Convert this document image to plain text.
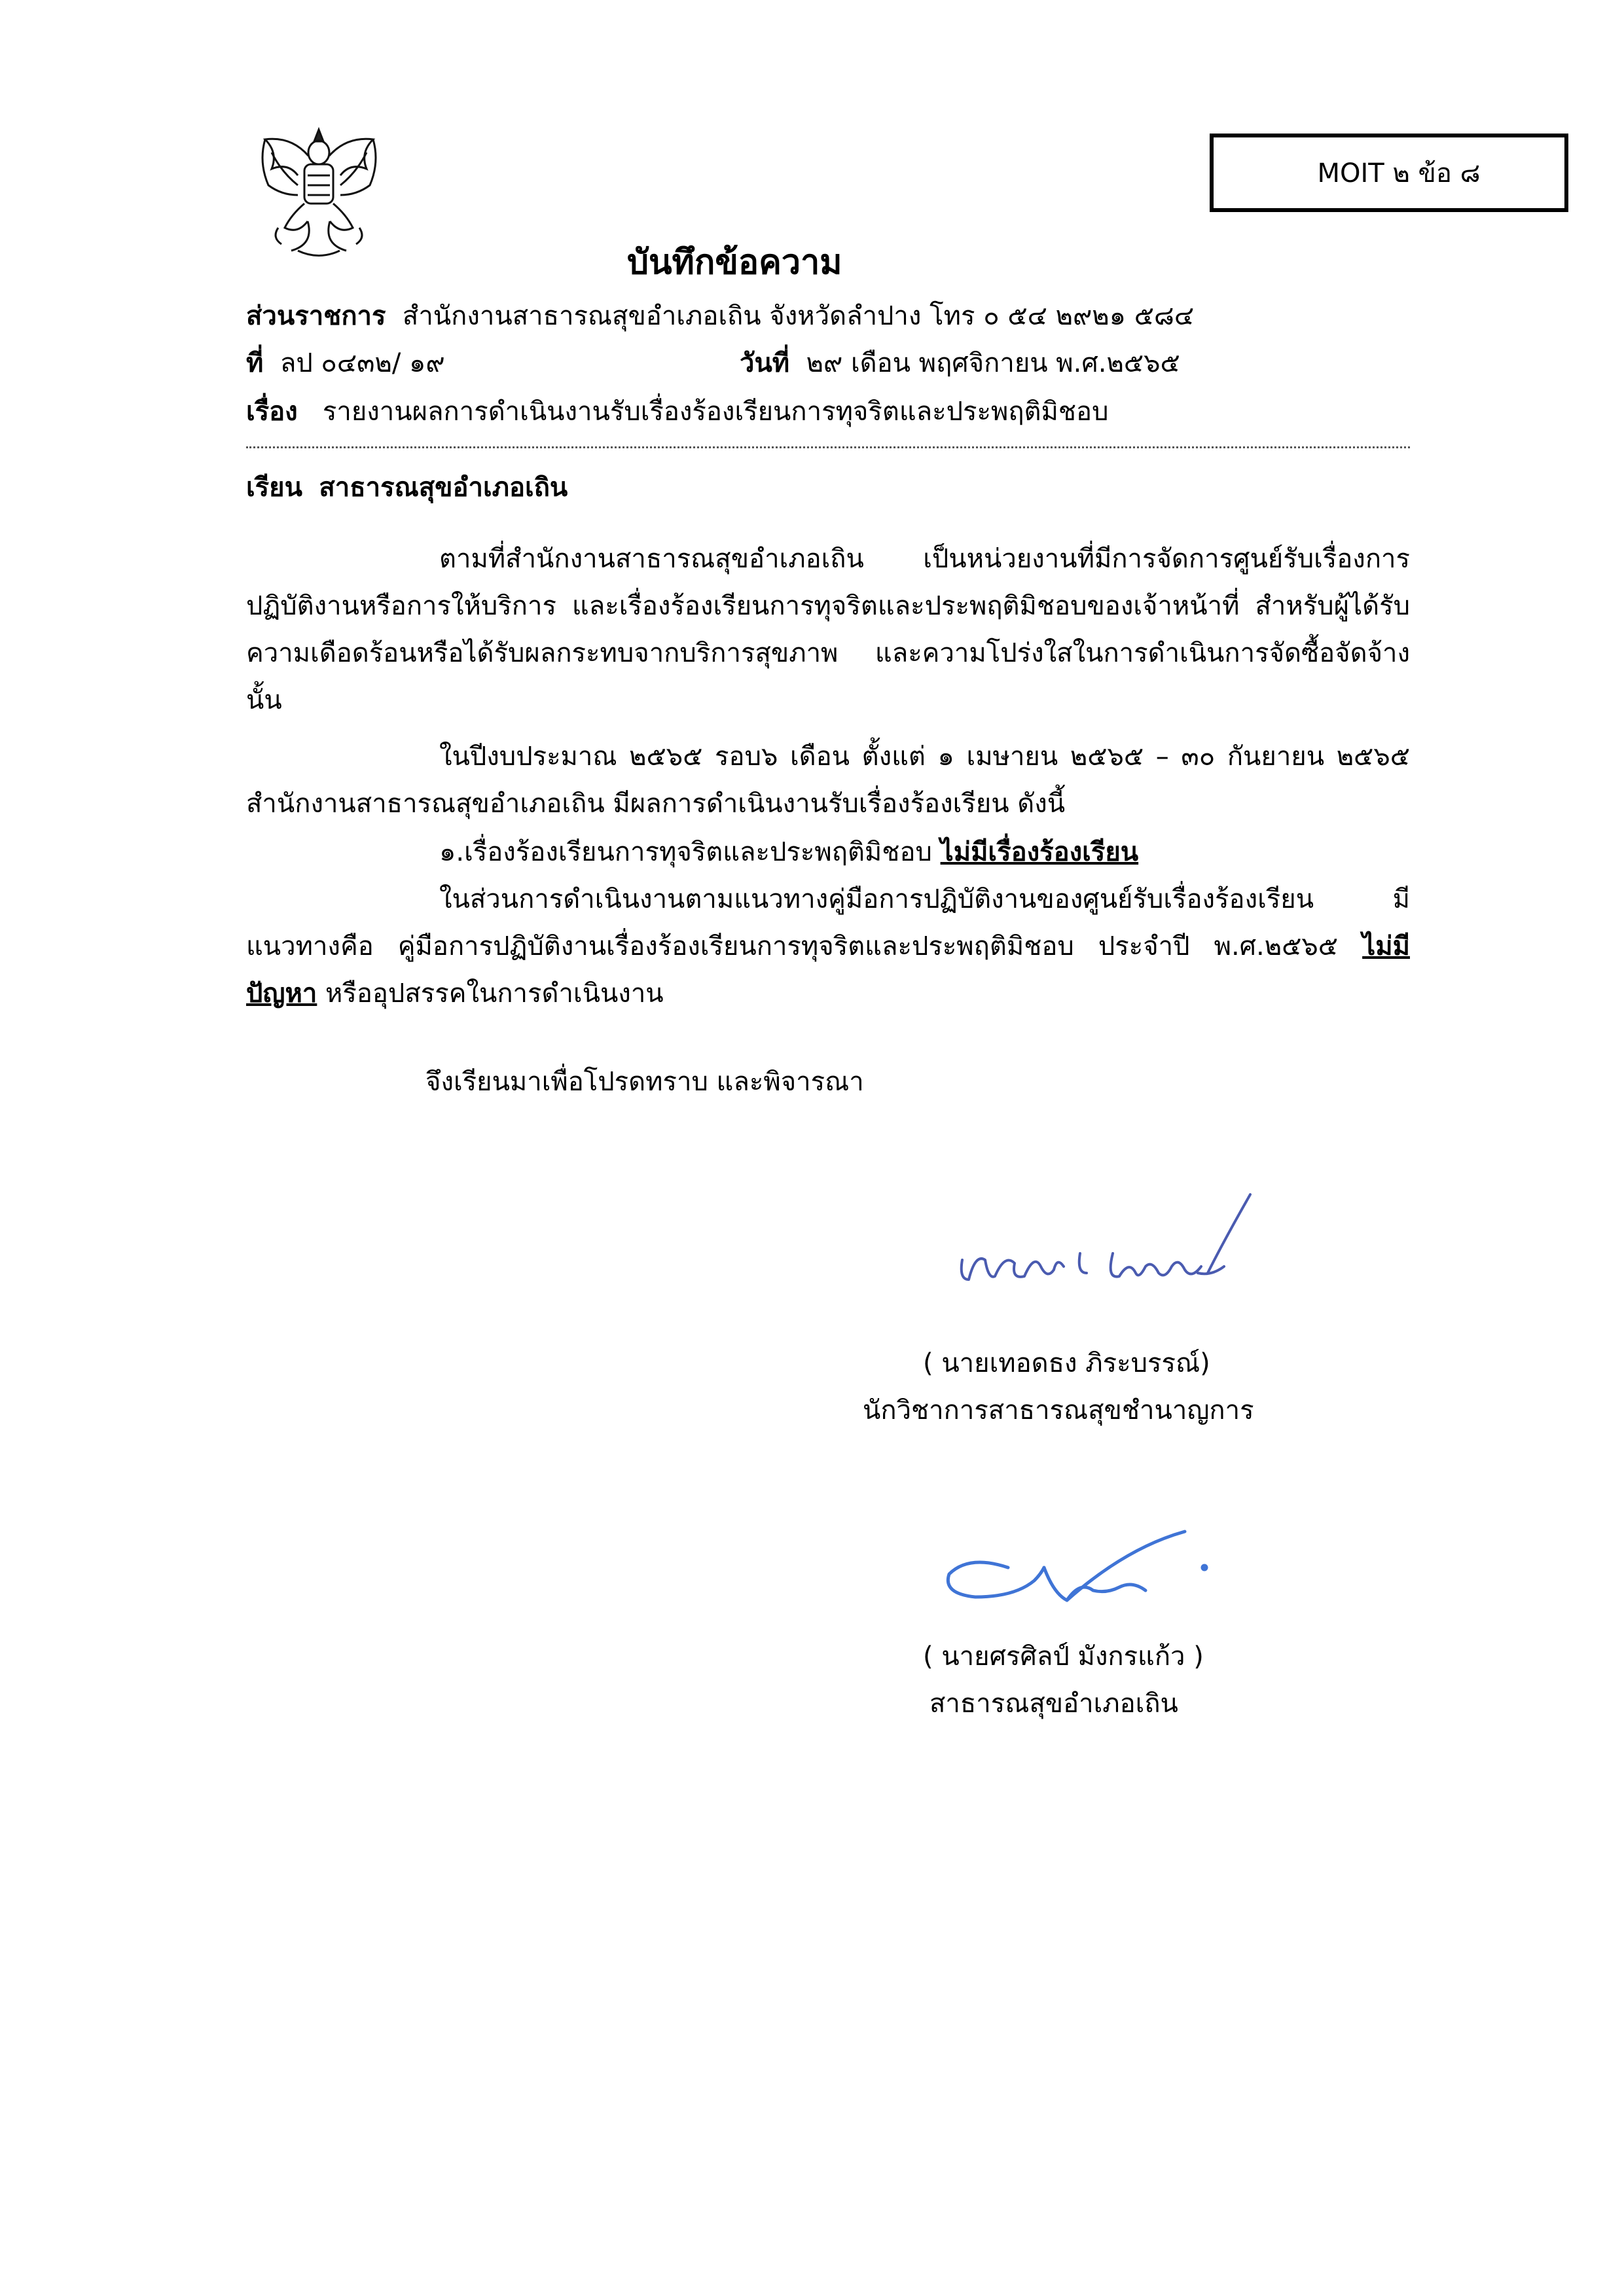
MOIT ๒ ข้อ ๘
บันทึกข้อความ
ส่วนราชการ สำนักงานสาธารณสุขอำเภอเถิน จังหวัดลำปาง โทร ๐ ๕๔ ๒๙๒๑ ๕๘๔
ที่ ลป ๐๔๓๒/ ๑๙	วันที่ ๒๙ เดือน พฤศจิกายน พ.ศ.๒๕๖๕
เรื่อง รายงานผลการดำเนินงานรับเรื่องร้องเรียนการทุจริตและประพฤติมิชอบ
เรียน สาธารณสุขอำเภอเถิน
ตามที่สำนักงานสาธารณสุขอำเภอเถิน เป็นหน่วยงานที่มีการจัดการศูนย์รับเรื่องการปฏิบัติงานหรือการให้บริการ และเรื่องร้องเรียนการทุจริตและประพฤติมิชอบของเจ้าหน้าที่ สำหรับผู้ได้รับความเดือดร้อนหรือได้รับผลกระทบจากบริการสุขภาพ และความโปร่งใสในการดำเนินการจัดซื้อจัดจ้าง นั้น
ในปีงบประมาณ ๒๕๖๕ รอบ๖ เดือน ตั้งแต่ ๑ เมษายน ๒๕๖๕ – ๓๐ กันยายน ๒๕๖๕ สำนักงานสาธารณสุขอำเภอเถิน มีผลการดำเนินงานรับเรื่องร้องเรียน ดังนี้
๑.เรื่องร้องเรียนการทุจริตและประพฤติมิชอบ ไม่มีเรื่องร้องเรียน
ในส่วนการดำเนินงานตามแนวทางคู่มือการปฏิบัติงานของศูนย์รับเรื่องร้องเรียน มีแนวทางคือ คู่มือการปฏิบัติงานเรื่องร้องเรียนการทุจริตและประพฤติมิชอบ ประจำปี พ.ศ.๒๕๖๕ ไม่มีปัญหา หรืออุปสรรคในการดำเนินงาน
จึงเรียนมาเพื่อโปรดทราบ และพิจารณา
( นายเทอดธง ภิระบรรณ์)
นักวิชาการสาธารณสุขชำนาญการ
( นายศรศิลป์ มังกรแก้ว )
สาธารณสุขอำเภอเถิน
